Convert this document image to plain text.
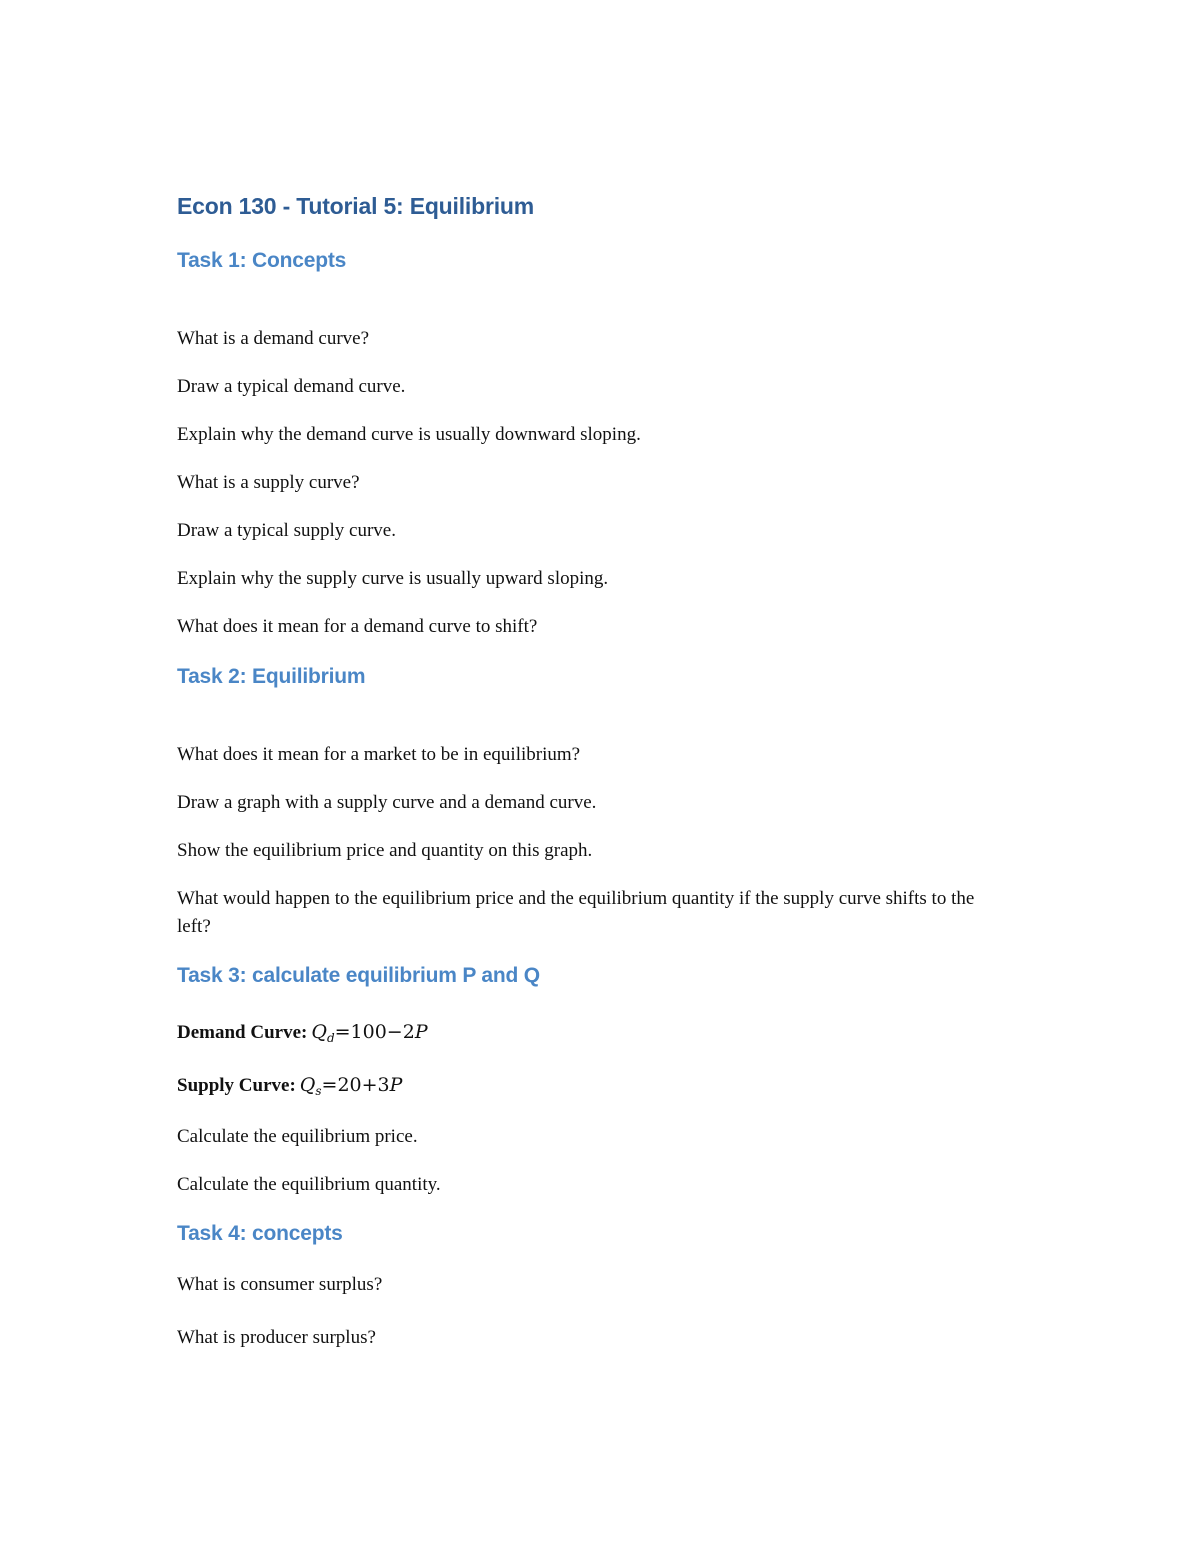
Econ 130 - Tutorial 5: Equilibrium
Task 1: Concepts

What is a demand curve?

Draw a typical demand curve.

Explain why the demand curve is usually downward sloping.

What is a supply curve?

Draw a typical supply curve.

Explain why the supply curve is usually upward sloping.

What does it mean for a demand curve to shift?

Task 2: Equilibrium

What does it mean for a market to be in equilibrium?

Draw a graph with a supply curve and a demand curve.

Show the equilibrium price and quantity on this graph.

What would happen to the equilibrium price and the equilibrium quantity if the supply curve shifts to the left?

Task 3: calculate equilibrium P and Q

Demand Curve: $Q_d=100-2P$

Supply Curve: $Q_s=20+3P$

Calculate the equilibrium price.

Calculate the equilibrium quantity.

Task 4: concepts

What is consumer surplus?

What is producer surplus?
